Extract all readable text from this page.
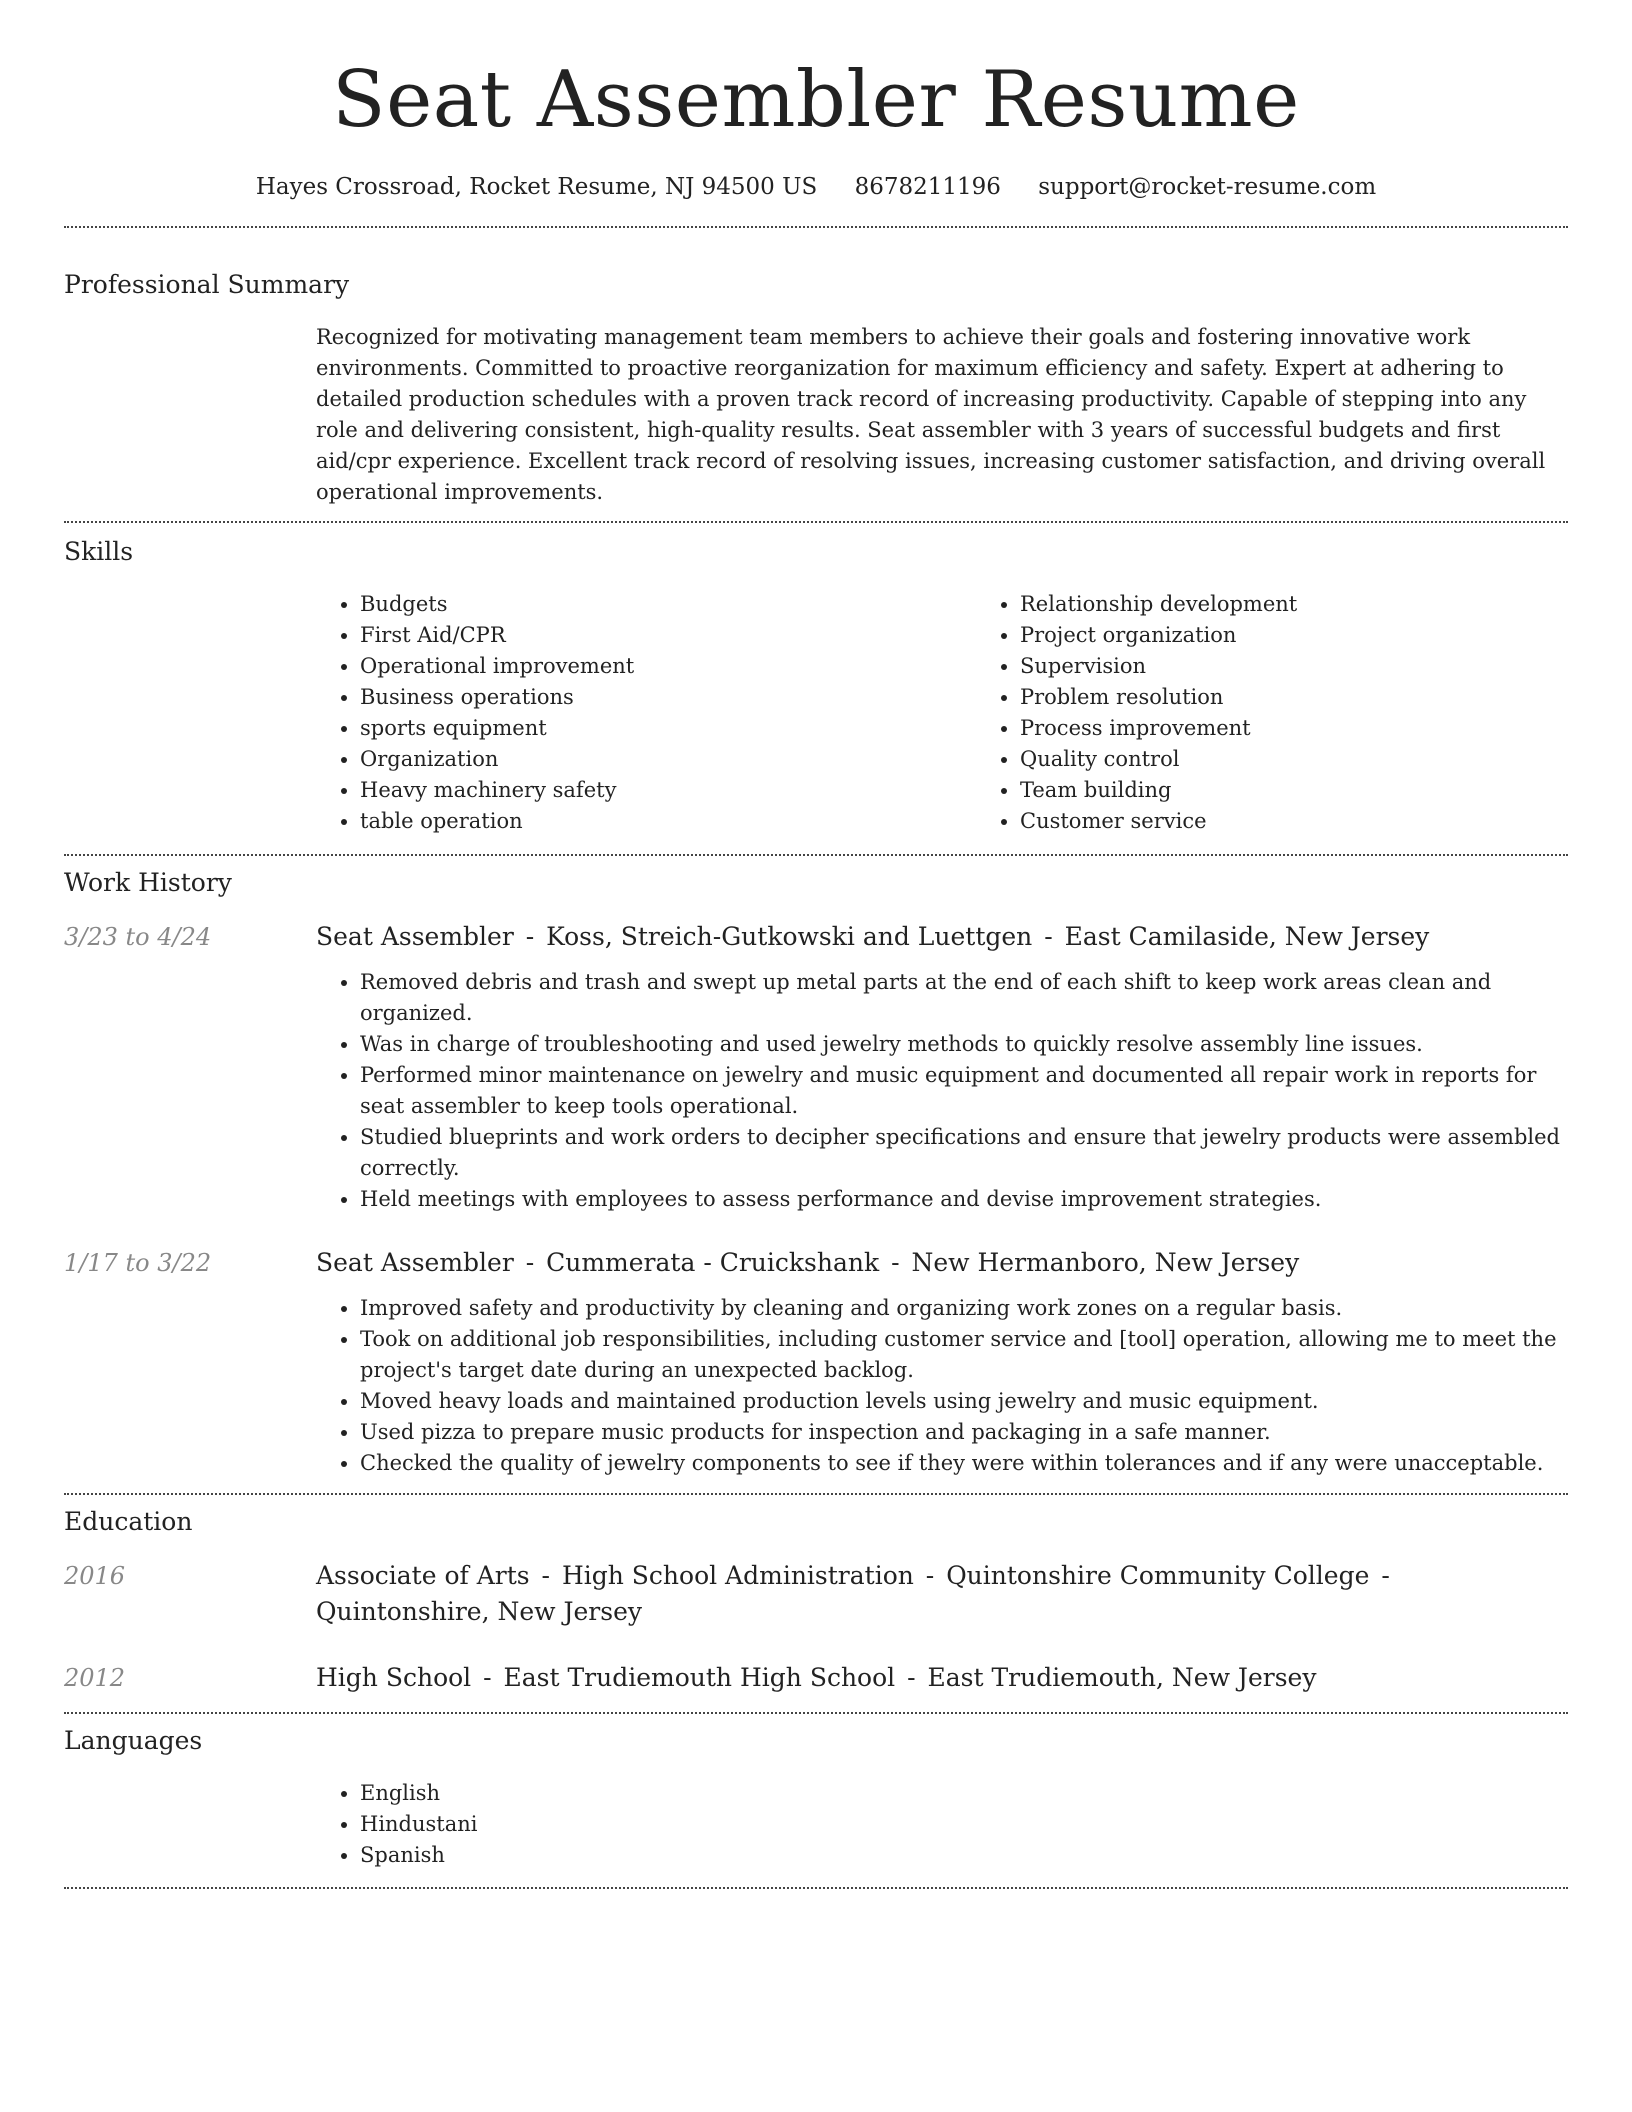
Seat Assembler Resume
Hayes Crossroad, Rocket Resume, NJ 94500 US 8678211196 support@rocket-resume.com
Professional Summary

Recognized for motivating management team members to achieve their goals and fostering innovative work environments. Committed to proactive reorganization for maximum efficiency and safety. Expert at adhering to detailed production schedules with a proven track record of increasing productivity. Capable of stepping into any role and delivering consistent, high-quality results. Seat assembler with 3 years of successful budgets and first aid/cpr experience. Excellent track record of resolving issues, increasing customer satisfaction, and driving overall operational improvements.

Skills
• Budgets
• First Aid/CPR
• Operational improvement
• Business operations
• sports equipment
• Organization
• Heavy machinery safety
• table operation
• Relationship development
• Project organization
• Supervision
• Problem resolution
• Process improvement
• Quality control
• Team building
• Customer service
Work History
3/23 to 4/24	Seat Assembler - Koss, Streich-Gutkowski and Luettgen - East Camilaside, New Jersey
• Removed debris and trash and swept up metal parts at the end of each shift to keep work areas clean and organized.
• Was in charge of troubleshooting and used jewelry methods to quickly resolve assembly line issues.
• Performed minor maintenance on jewelry and music equipment and documented all repair work in reports for seat assembler to keep tools operational.
• Studied blueprints and work orders to decipher specifications and ensure that jewelry products were assembled correctly.
• Held meetings with employees to assess performance and devise improvement strategies.
1/17 to 3/22	Seat Assembler - Cummerata - Cruickshank - New Hermanboro, New Jersey
• Improved safety and productivity by cleaning and organizing work zones on a regular basis.
• Took on additional job responsibilities, including customer service and [tool] operation, allowing me to meet the project's target date during an unexpected backlog.
• Moved heavy loads and maintained production levels using jewelry and music equipment.
• Used pizza to prepare music products for inspection and packaging in a safe manner.
• Checked the quality of jewelry components to see if they were within tolerances and if any were unacceptable.
Education
2016	Associate of Arts - High School Administration - Quintonshire Community College - Quintonshire, New Jersey
2012	High School - East Trudiemouth High School - East Trudiemouth, New Jersey
Languages
• English
• Hindustani
• Spanish
